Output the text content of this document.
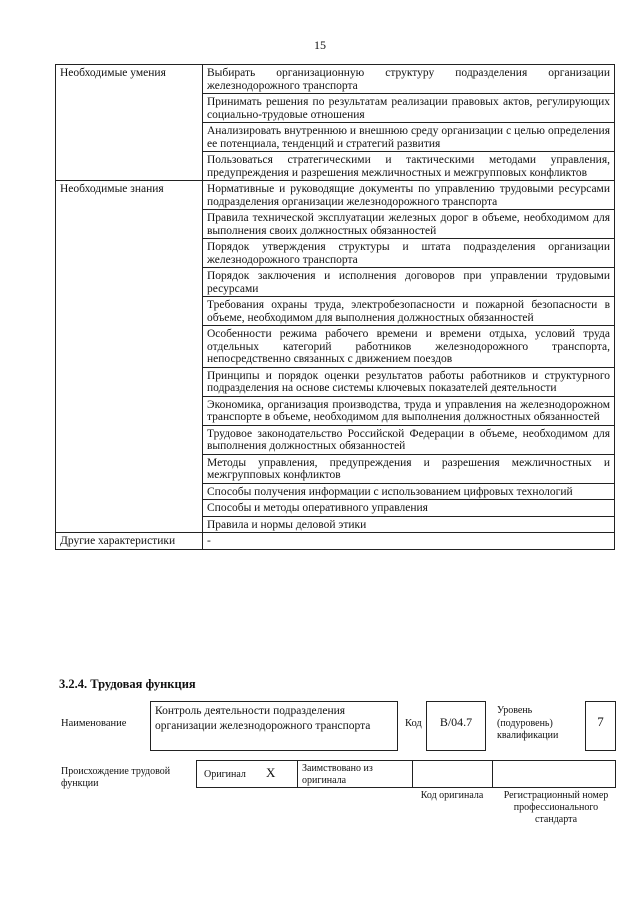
15
Необходимые умения	Выбирать организационную структуру подразделения организации железнодорожного транспорта
	Принимать решения по результатам реализации правовых актов, регулирующих социально-трудовые отношения
	Анализировать внутреннюю и внешнюю среду организации с целью определения ее потенциала, тенденций и стратегий развития
	Пользоваться стратегическими и тактическими методами управления, предупреждения и разрешения межличностных и межгрупповых конфликтов
Необходимые знания	Нормативные и руководящие документы по управлению трудовыми ресурсами подразделения организации железнодорожного транспорта
	Правила технической эксплуатации железных дорог в объеме, необходимом для выполнения своих должностных обязанностей
	Порядок утверждения структуры и штата подразделения организации железнодорожного транспорта
	Порядок заключения и исполнения договоров при управлении трудовыми ресурсами
	Требования охраны труда, электробезопасности и пожарной безопасности в объеме, необходимом для выполнения должностных обязанностей
	Особенности режима рабочего времени и времени отдыха, условий труда отдельных категорий работников железнодорожного транспорта, непосредственно связанных с движением поездов
	Принципы и порядок оценки результатов работы работников и структурного подразделения на основе системы ключевых показателей деятельности
	Экономика, организация производства, труда и управления на железнодорожном транспорте в объеме, необходимом для выполнения должностных обязанностей
	Трудовое законодательство Российской Федерации в объеме, необходимом для выполнения должностных обязанностей
	Методы управления, предупреждения и разрешения межличностных и межгрупповых конфликтов
	Способы получения информации с использованием цифровых технологий
	Способы и методы оперативного управления
	Правила и нормы деловой этики
Другие характеристики	-
3.2.4. Трудовая функция
Наименование
Контроль деятельности подразделения организации железнодорожного транспорта	Код	B/04.7
Уровень (подуровень) квалификации
7
Происхождение трудовой функции
Оригинал X	Заимствовано из оригинала
Код оригинала	Регистрационный номер профессионального стандарта
